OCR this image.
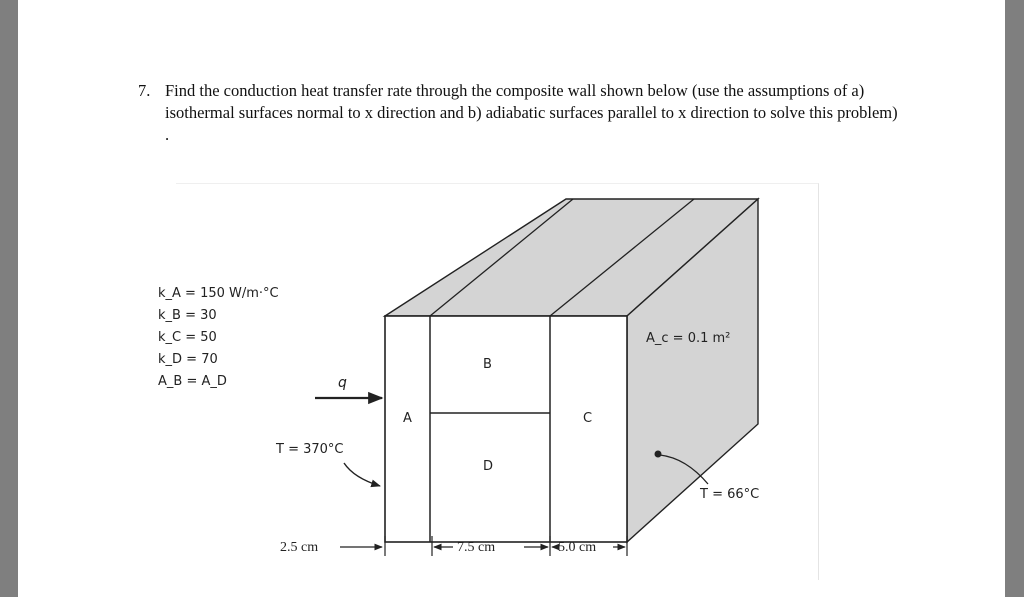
7. Find the conduction heat transfer rate through the composite wall shown below (use the assumptions of a) isothermal surfaces normal to x direction and b) adiabatic surfaces parallel to x direction to solve this problem) .
A
B
C
D
k_A = 150 W/m·°C
k_B = 30
k_C = 50
k_D = 70
A_B = A_D	q
T = 370°C
A_c = 0.1 m²
T = 66°C
2.5 cm	7.5 cm	5.0 cm
